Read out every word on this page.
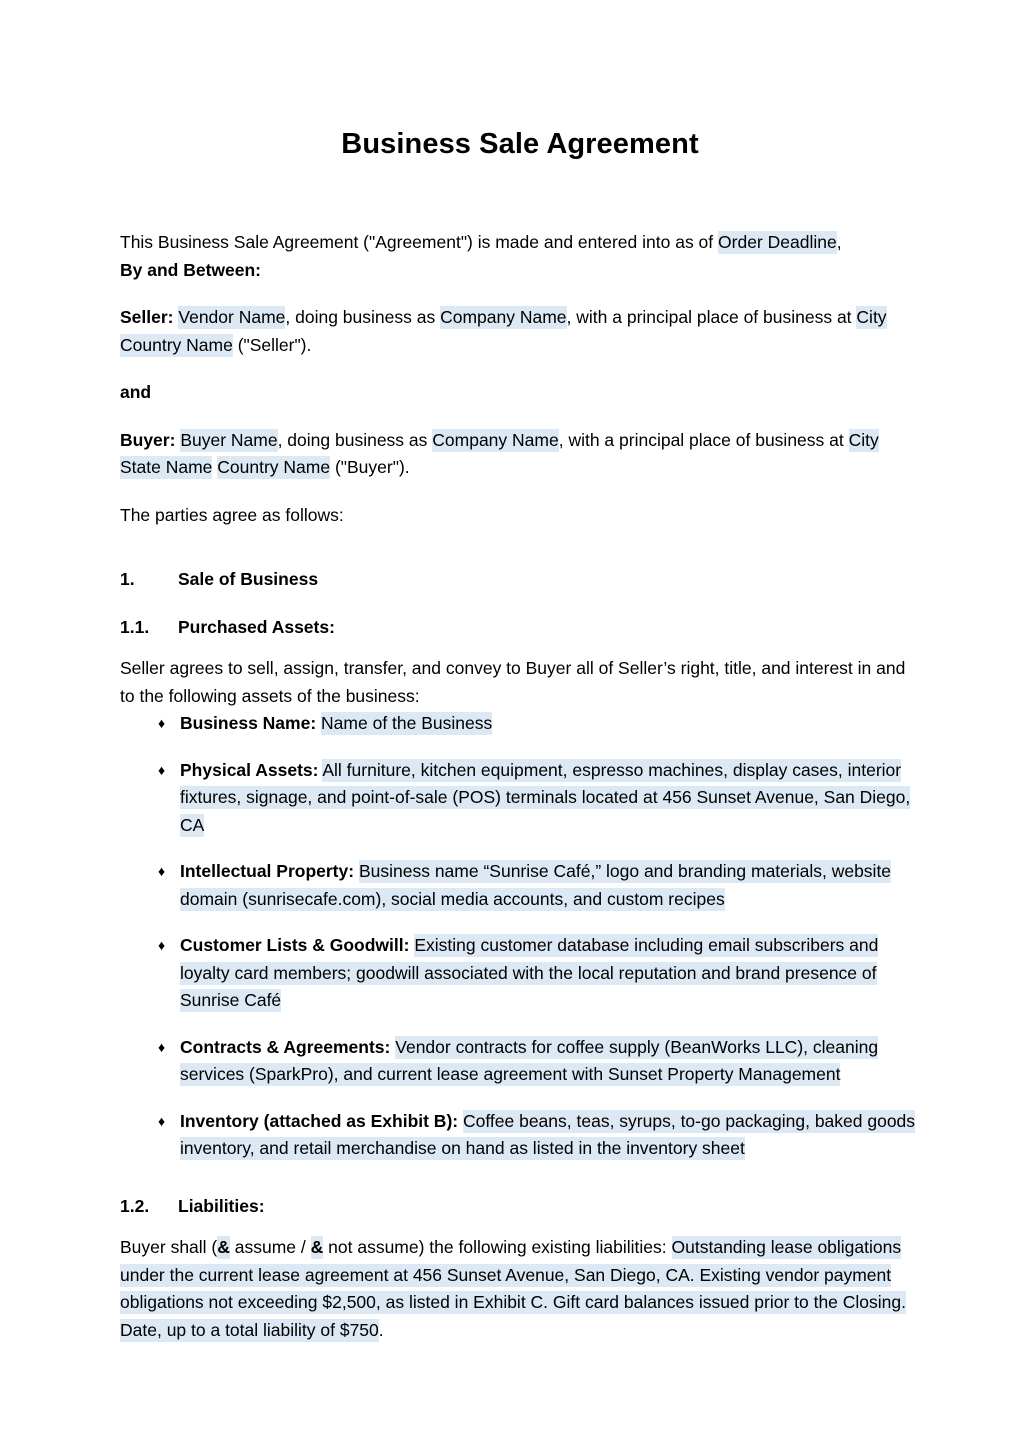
Business Sale Agreement

This Business Sale Agreement ("Agreement") is made and entered into as of Order Deadline,
By and Between:

Seller: Vendor Name, doing business as Company Name, with a principal place of business at City Country Name ("Seller").

and

Buyer: Buyer Name, doing business as Company Name, with a principal place of business at City State Name Country Name ("Buyer").

The parties agree as follows:

1.	Sale of Business
1.1.	Purchased Assets:

Seller agrees to sell, assign, transfer, and convey to Buyer all of Seller’s right, title, and interest in and to the following assets of the business:

♦ Business Name: Name of the Business
♦ Physical Assets: All furniture, kitchen equipment, espresso machines, display cases, interior fixtures, signage, and point-of-sale (POS) terminals located at 456 Sunset Avenue, San Diego, CA
♦ Intellectual Property: Business name “Sunrise Café,” logo and branding materials, website domain (sunrisecafe.com), social media accounts, and custom recipes
♦ Customer Lists & Goodwill: Existing customer database including email subscribers and loyalty card members; goodwill associated with the local reputation and brand presence of Sunrise Café
♦ Contracts & Agreements: Vendor contracts for coffee supply (BeanWorks LLC), cleaning services (SparkPro), and current lease agreement with Sunset Property Management
♦ Inventory (attached as Exhibit B): Coffee beans, teas, syrups, to-go packaging, baked goods inventory, and retail merchandise on hand as listed in the inventory sheet
1.2.	Liabilities:

Buyer shall (& assume / & not assume) the following existing liabilities: Outstanding lease obligations under the current lease agreement at 456 Sunset Avenue, San Diego, CA. Existing vendor payment obligations not exceeding $2,500, as listed in Exhibit C. Gift card balances issued prior to the Closing. Date, up to a total liability of $750.
